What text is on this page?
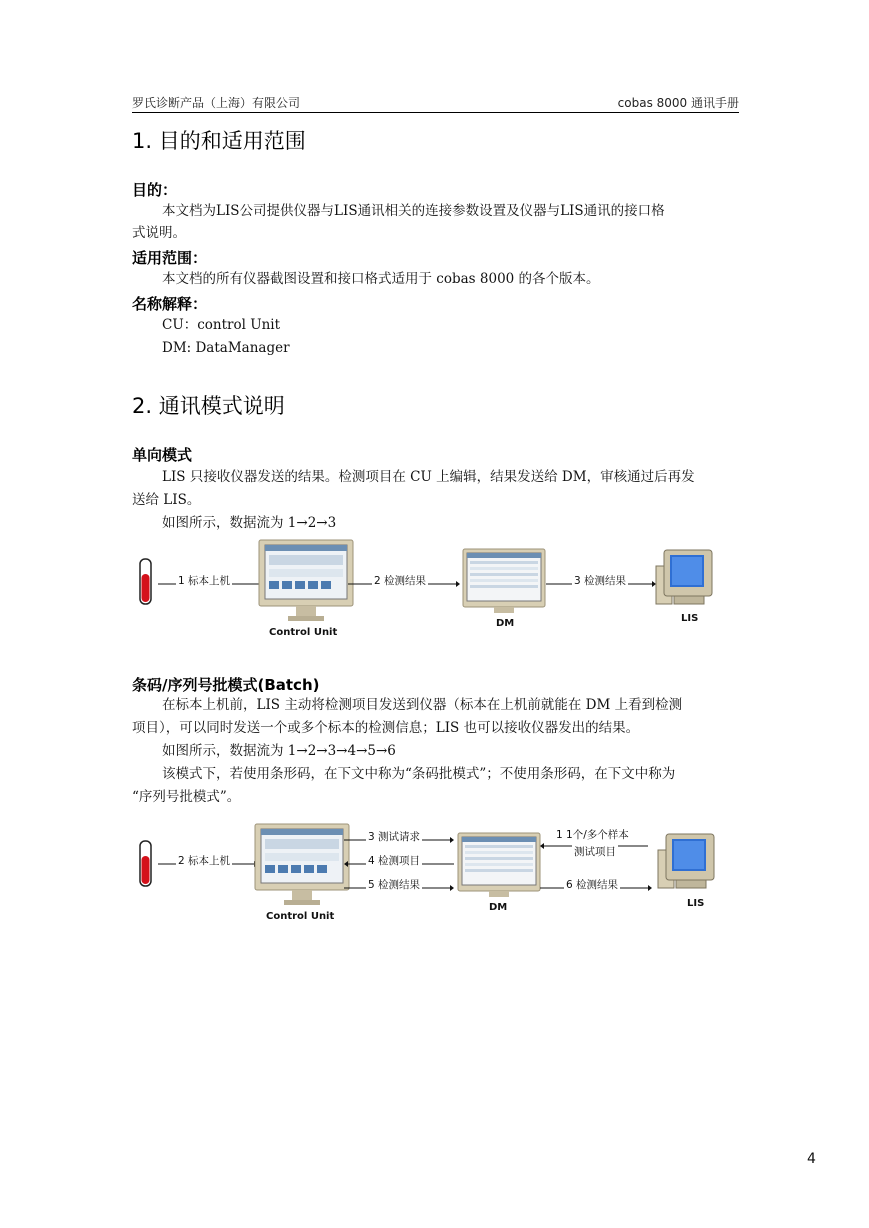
罗氏诊断产品（上海）有限公司	cobas 8000 通讯手册
1. 目的和适用范围
目的：
本文档为LIS公司提供仪器与LIS通讯相关的连接参数设置及仪器与LIS通讯的接口格
式说明。
适用范围：
本文档的所有仪器截图设置和接口格式适用于 cobas 8000 的各个版本。
名称解释：
CU：control Unit
DM: DataManager
2. 通讯模式说明
单向模式
LIS 只接收仪器发送的结果。检测项目在 CU 上编辑，结果发送给 DM，审核通过后再发
送给 LIS。
如图所示，数据流为 1→2→3
1 标本上机
Control Unit
2 检测结果
DM
3 检测结果
LIS
条码/序列号批模式(Batch)
在标本上机前，LIS 主动将检测项目发送到仪器（标本在上机前就能在 DM 上看到检测
项目），可以同时发送一个或多个标本的检测信息；LIS 也可以接收仪器发出的结果。
如图所示，数据流为 1→2→3→4→5→6
该模式下，若使用条形码，在下文中称为“条码批模式”；不使用条形码，在下文中称为
“序列号批模式”。
2 标本上机
Control Unit
3 测试请求
4 检测项目
5 检测结果
DM
1 1个/多个样本
测试项目
6 检测结果
LIS
4
